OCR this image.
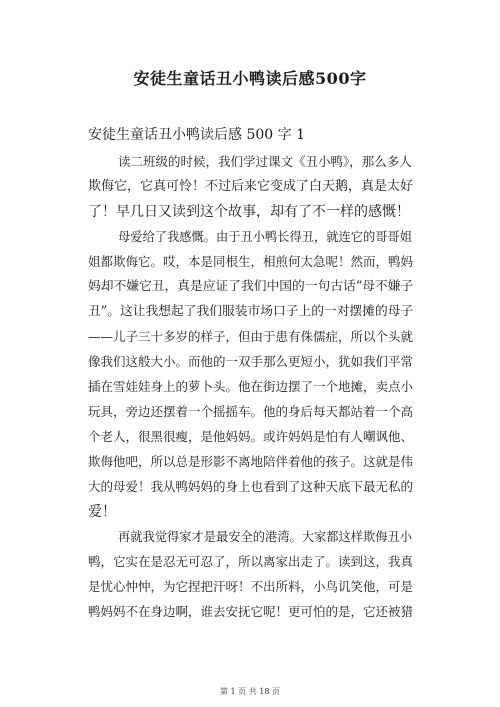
安徒生童话丑小鸭读后感500字
安徒生童话丑小鸭读后感 500 字 1
读二班级的时候，我们学过课文《丑小鸭》，那么多人
欺侮它，它真可怜！不过后来它变成了白天鹅，真是太好
了！早几日又读到这个故事，却有了不一样的感慨！
母爱给了我感慨。由于丑小鸭长得丑，就连它的哥哥姐
姐都欺侮它。哎，本是同根生，相煎何太急呢！然而，鸭妈
妈却不嫌它丑，真是应证了我们中国的一句古话“母不嫌子
丑”。这让我想起了我们服装市场口子上的一对摆摊的母子
——儿子三十多岁的样子，但由于患有侏儒症，所以个头就
像我们这般大小。而他的一双手那么更短小，犹如我们平常
插在雪娃娃身上的萝卜头。他在街边摆了一个地摊，卖点小
玩具，旁边还摆着一个摇摇车。他的身后每天都站着一个高
个老人，很黑很瘦，是他妈妈。或许妈妈是怕有人嘲讽他、
欺侮他吧，所以总是形影不离地陪伴着他的孩子。这就是伟
大的母爱！我从鸭妈妈的身上也看到了这种天底下最无私的
爱！
再就我觉得家才是最安全的港湾。大家都这样欺侮丑小
鸭，它实在是忍无可忍了，所以离家出走了。读到这，我真
是忧心忡忡，为它捏把汗呀！不出所料，小鸟讥笑他，可是
鸭妈妈不在身边啊，谁去安抚它呢！更可怕的是，它还被猎
第 1 页 共 18 页
